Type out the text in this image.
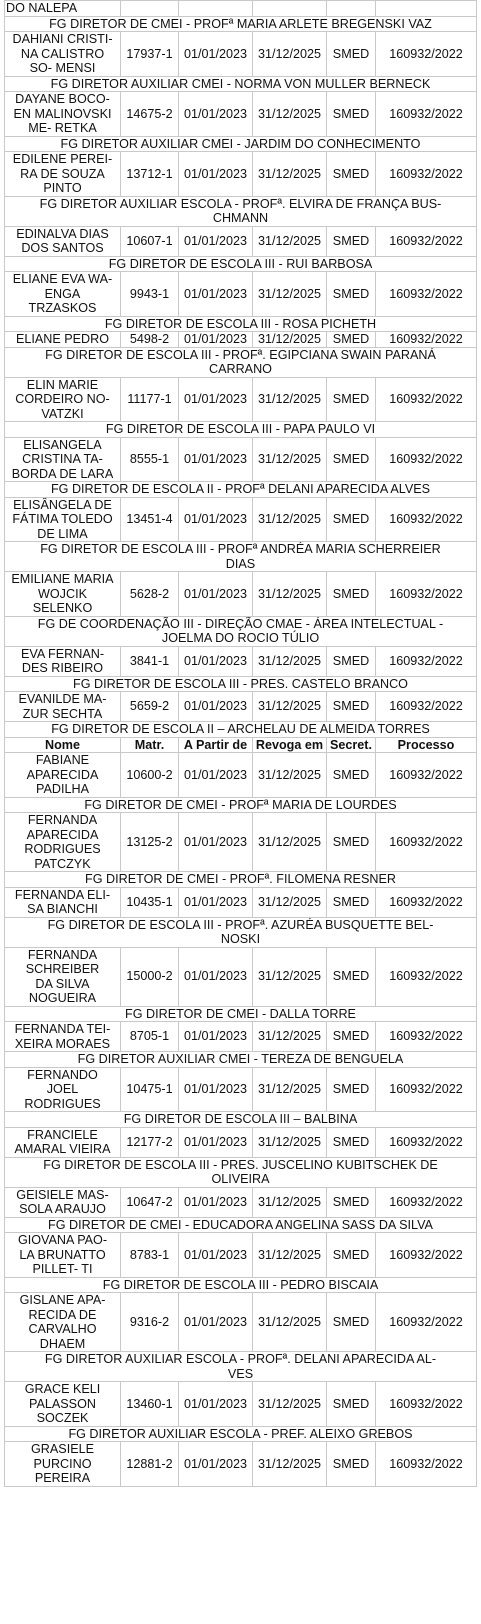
DO NALEPA					
FG DIRETOR DE CMEI - PROFª MARIA ARLETE BREGENSKI VAZ					
DAHIANI CRISTI-
NA CALISTRO
SO- MENSI	17937-1	01/01/2023	31/12/2025	SMED	160932/2022
FG DIRETOR AUXILIAR CMEI - NORMA VON MULLER BERNECK					
DAYANE BOCO-
EN MALINOVSKI
ME- RETKA	14675-2	01/01/2023	31/12/2025	SMED	160932/2022
FG DIRETOR AUXILIAR CMEI - JARDIM DO CONHECIMENTO					
EDILENE PEREI-
RA DE SOUZA
PINTO	13712-1	01/01/2023	31/12/2025	SMED	160932/2022
FG DIRETOR AUXILIAR ESCOLA - PROFª. ELVIRA DE FRANÇA BUS-
CHMANN					
EDINALVA DIAS
DOS SANTOS	10607-1	01/01/2023	31/12/2025	SMED	160932/2022
FG DIRETOR DE ESCOLA III - RUI BARBOSA					
ELIANE EVA WA-
ENGA
TRZASKOS	9943-1	01/01/2023	31/12/2025	SMED	160932/2022
FG DIRETOR DE ESCOLA III - ROSA PICHETH					
ELIANE PEDRO	5498-2	01/01/2023	31/12/2025	SMED	160932/2022
FG DIRETOR DE ESCOLA III - PROFª. EGIPCIANA SWAIN PARANÁ
CARRANO					
ELIN MARIE
CORDEIRO NO-
VATZKI	11177-1	01/01/2023	31/12/2025	SMED	160932/2022
FG DIRETOR DE ESCOLA III - PAPA PAULO VI					
ELISANGELA
CRISTINA TA-
BORDA DE LARA	8555-1	01/01/2023	31/12/2025	SMED	160932/2022
FG DIRETOR DE ESCOLA II - PROFª DELANI APARECIDA ALVES					
ELISÂNGELA DE
FÁTIMA TOLEDO
DE LIMA	13451-4	01/01/2023	31/12/2025	SMED	160932/2022
FG DIRETOR DE ESCOLA III - PROFª ANDRÉA MARIA SCHERREIER
DIAS					
EMILIANE MARIA
WOJCIK
SELENKO	5628-2	01/01/2023	31/12/2025	SMED	160932/2022
FG DE COORDENAÇÃO III - DIREÇÃO CMAE - ÁREA INTELECTUAL -
JOELMA DO ROCIO TÚLIO					
EVA FERNAN-
DES RIBEIRO	3841-1	01/01/2023	31/12/2025	SMED	160932/2022
FG DIRETOR DE ESCOLA III - PRES. CASTELO BRANCO					
EVANILDE MA-
ZUR SECHTA	5659-2	01/01/2023	31/12/2025	SMED	160932/2022
FG DIRETOR DE ESCOLA II – ARCHELAU DE ALMEIDA TORRES					
Nome	Matr.	A Partir de	Revoga em	Secret.	Processo
FABIANE
APARECIDA
PADILHA	10600-2	01/01/2023	31/12/2025	SMED	160932/2022
FG DIRETOR DE CMEI - PROFª MARIA DE LOURDES					
FERNANDA
APARECIDA
RODRIGUES
PATCZYK	13125-2	01/01/2023	31/12/2025	SMED	160932/2022
FG DIRETOR DE CMEI - PROFª. FILOMENA RESNER					
FERNANDA ELI-
SA BIANCHI	10435-1	01/01/2023	31/12/2025	SMED	160932/2022
FG DIRETOR DE ESCOLA III - PROFª. AZURÉA BUSQUETTE BEL-
NOSKI					
FERNANDA
SCHREIBER
DA SILVA
NOGUEIRA	15000-2	01/01/2023	31/12/2025	SMED	160932/2022
FG DIRETOR DE CMEI - DALLA TORRE					
FERNANDA TEI-
XEIRA MORAES	8705-1	01/01/2023	31/12/2025	SMED	160932/2022
FG DIRETOR AUXILIAR CMEI - TEREZA DE BENGUELA					
FERNANDO
JOEL
RODRIGUES	10475-1	01/01/2023	31/12/2025	SMED	160932/2022
FG DIRETOR DE ESCOLA III – BALBINA					
FRANCIELE
AMARAL VIEIRA	12177-2	01/01/2023	31/12/2025	SMED	160932/2022
FG DIRETOR DE ESCOLA III - PRES. JUSCELINO KUBITSCHEK DE
OLIVEIRA					
GEISIELE MAS-
SOLA ARAUJO	10647-2	01/01/2023	31/12/2025	SMED	160932/2022
FG DIRETOR DE CMEI - EDUCADORA ANGELINA SASS DA SILVA					
GIOVANA PAO-
LA BRUNATTO
PILLET- TI	8783-1	01/01/2023	31/12/2025	SMED	160932/2022
FG DIRETOR DE ESCOLA III - PEDRO BISCAIA					
GISLANE APA-
RECIDA DE
CARVALHO
DHAEM	9316-2	01/01/2023	31/12/2025	SMED	160932/2022
FG DIRETOR AUXILIAR ESCOLA - PROFª. DELANI APARECIDA AL-
VES					
GRACE KELI
PALASSON
SOCZEK	13460-1	01/01/2023	31/12/2025	SMED	160932/2022
FG DIRETOR AUXILIAR ESCOLA - PREF. ALEIXO GREBOS					
GRASIELE
PURCINO
PEREIRA	12881-2	01/01/2023	31/12/2025	SMED	160932/2022
